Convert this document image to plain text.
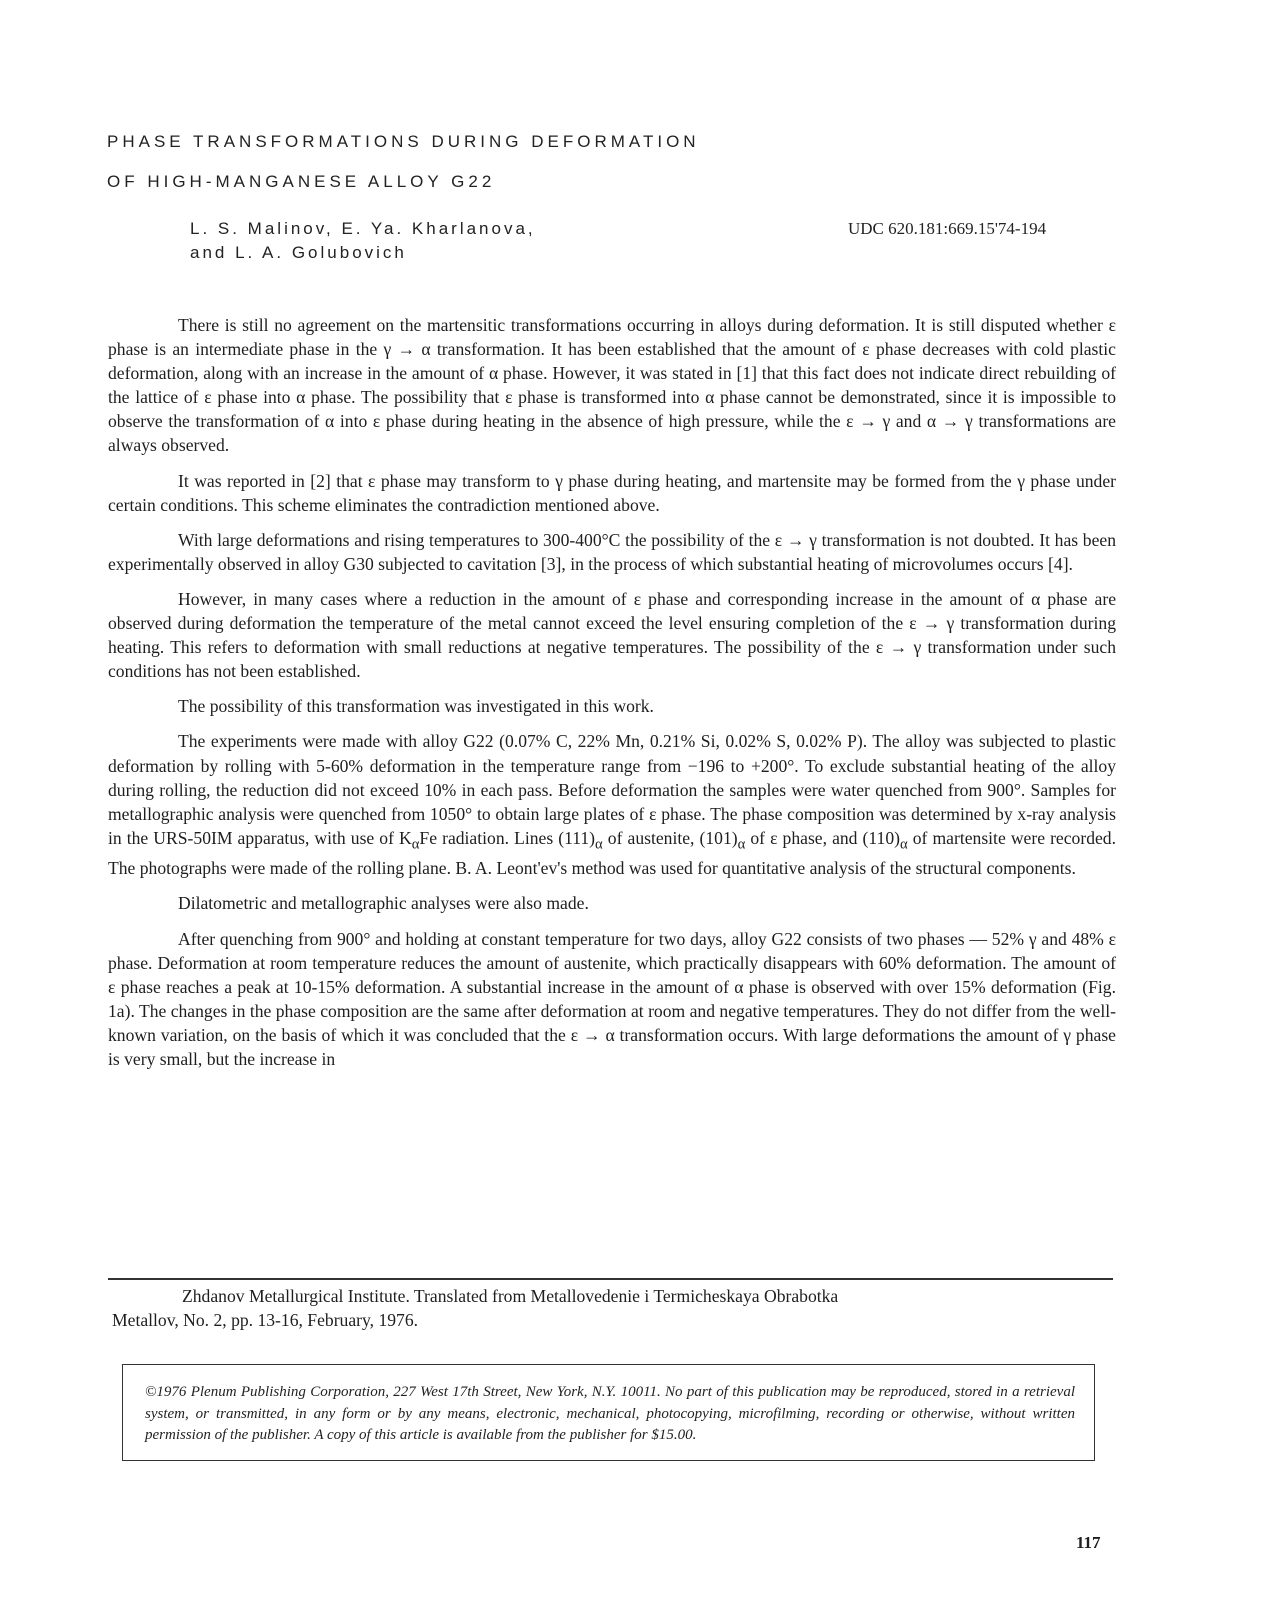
PHASE TRANSFORMATIONS DURING DEFORMATION
OF HIGH-MANGANESE ALLOY G22
L. S. Malinov, E. Ya. Kharlanova,
and L. A. Golubovich
UDC 620.181:669.15'74-194

There is still no agreement on the martensitic transformations occurring in alloys during deformation. It is still disputed whether ε phase is an intermediate phase in the γ → α transformation. It has been established that the amount of ε phase decreases with cold plastic deformation, along with an increase in the amount of α phase. However, it was stated in [1] that this fact does not indicate direct rebuilding of the lattice of ε phase into α phase. The possibility that ε phase is transformed into α phase cannot be demonstrated, since it is impossible to observe the transformation of α into ε phase during heating in the absence of high pressure, while the ε → γ and α → γ transformations are always observed.

It was reported in [2] that ε phase may transform to γ phase during heating, and martensite may be formed from the γ phase under certain conditions. This scheme eliminates the contradiction mentioned above.

With large deformations and rising temperatures to 300-400°C the possibility of the ε → γ transformation is not doubted. It has been experimentally observed in alloy G30 subjected to cavitation [3], in the process of which substantial heating of microvolumes occurs [4].

However, in many cases where a reduction in the amount of ε phase and corresponding increase in the amount of α phase are observed during deformation the temperature of the metal cannot exceed the level ensuring completion of the ε → γ transformation during heating. This refers to deformation with small reductions at negative temperatures. The possibility of the ε → γ transformation under such conditions has not been established.

The possibility of this transformation was investigated in this work.

The experiments were made with alloy G22 (0.07% C, 22% Mn, 0.21% Si, 0.02% S, 0.02% P). The alloy was subjected to plastic deformation by rolling with 5-60% deformation in the temperature range from −196 to +200°. To exclude substantial heating of the alloy during rolling, the reduction did not exceed 10% in each pass. Before deformation the samples were water quenched from 900°. Samples for metallographic analysis were quenched from 1050° to obtain large plates of ε phase. The phase composition was determined by x-ray analysis in the URS-50IM apparatus, with use of $K_\alpha Fe$ radiation. Lines $(111)_\alpha$ of austenite, $(101)_\alpha$ of ε phase, and $(110)_\alpha$ of martensite were recorded. The photographs were made of the rolling plane. B. A. Leont'ev's method was used for quantitative analysis of the structural components.

Dilatometric and metallographic analyses were also made.

After quenching from 900° and holding at constant temperature for two days, alloy G22 consists of two phases — 52% γ and 48% ε phase. Deformation at room temperature reduces the amount of austenite, which practically disappears with 60% deformation. The amount of ε phase reaches a peak at 10-15% deformation. A substantial increase in the amount of α phase is observed with over 15% deformation (Fig. 1a). The changes in the phase composition are the same after deformation at room and negative temperatures. They do not differ from the well-known variation, on the basis of which it was concluded that the ε → α transformation occurs. With large deformations the amount of γ phase is very small, but the increase in

Zhdanov Metallurgical Institute. Translated from Metallovedenie i Termicheskaya Obrabotka
Metallov, No. 2, pp. 13-16, February, 1976.
©1976 Plenum Publishing Corporation, 227 West 17th Street, New York, N.Y. 10011. No part of this publication may be reproduced, stored in a retrieval system, or transmitted, in any form or by any means, electronic, mechanical, photocopying, microfilming, recording or otherwise, without written permission of the publisher. A copy of this article is available from the publisher for $15.00.
117
